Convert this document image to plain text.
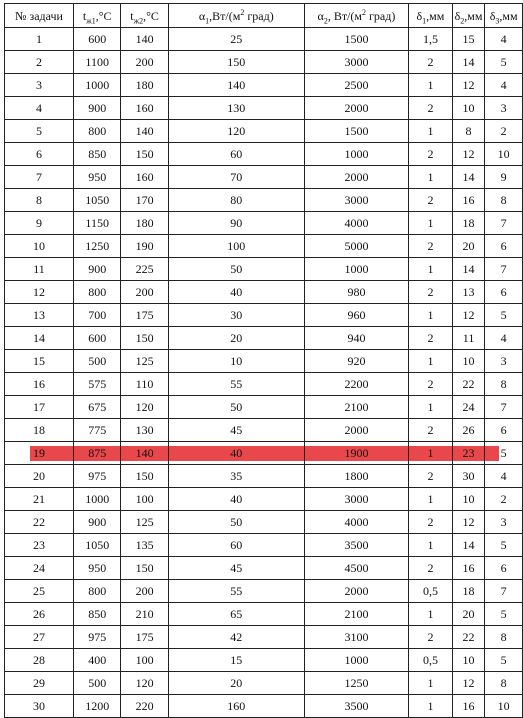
№ задачи	$t_{ж1},^\circ C$	$t_{ж2},^\circ C$	$\alpha_1,Вт/(м^2$ град)	$\alpha_2$, $Вт/(м^2$ град)	$\delta_1,мм$	$\delta_2,мм$	$\delta_3,мм$
1	600	140	25	1500	1,5	15	4
2	1100	200	150	3000	2	14	5
3	1000	180	140	2500	1	12	4
4	900	160	130	2000	2	10	3
5	800	140	120	1500	1	8	2
6	850	150	60	1000	2	12	10
7	950	160	70	2000	1	14	9
8	1050	170	80	3000	2	16	8
9	1150	180	90	4000	1	18	7
10	1250	190	100	5000	2	20	6
11	900	225	50	1000	1	14	7
12	800	200	40	980	2	13	6
13	700	175	30	960	1	12	5
14	600	150	20	940	2	11	4
15	500	125	10	920	1	10	3
16	575	110	55	2200	2	22	8
17	675	120	50	2100	1	24	7
18	775	130	45	2000	2	26	6
19	875	140	40	1900	1	23	5
20	975	150	35	1800	2	30	4
21	1000	100	40	3000	1	10	2
22	900	125	50	4000	2	12	3
23	1050	135	60	3500	1	14	5
24	950	150	45	4500	2	16	6
25	800	200	55	2000	0,5	18	7
26	850	210	65	2100	1	20	5
27	975	175	42	3100	2	22	8
28	400	100	15	1000	0,5	10	5
29	500	120	20	1250	1	12	8
30	1200	220	160	3500	1	16	10
